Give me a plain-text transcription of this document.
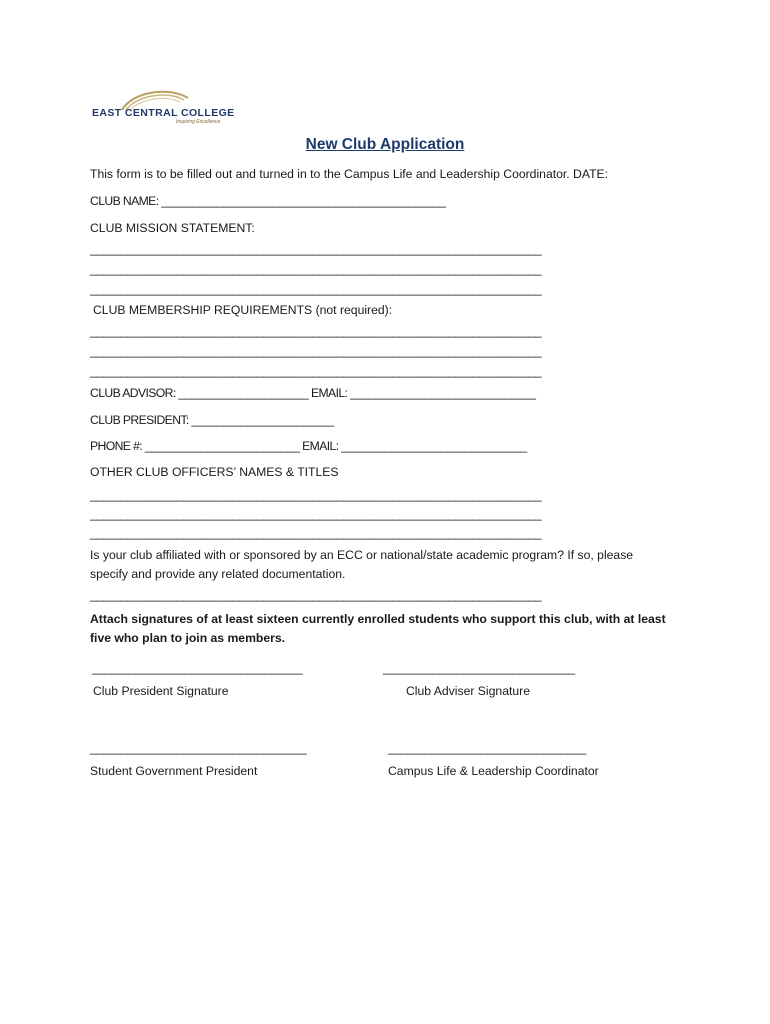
EAST CENTRAL COLLEGE
Inspiring Excellence
New Club Application
This form is to be filled out and turned in to the Campus Life and Leadership Coordinator. DATE:
CLUB NAME: ______________________________________________
CLUB MISSION STATEMENT:
_________________________________________________________________________
_________________________________________________________________________
_________________________________________________________________________
CLUB MEMBERSHIP REQUIREMENTS (not required):
_________________________________________________________________________
_________________________________________________________________________
_________________________________________________________________________
CLUB ADVISOR: _____________________ EMAIL: ______________________________
CLUB PRESIDENT: _______________________
PHONE #: _________________________ EMAIL: ______________________________
OTHER CLUB OFFICERS’ NAMES & TITLES
_________________________________________________________________________
_________________________________________________________________________
_________________________________________________________________________
Is your club affiliated with or sponsored by an ECC or national/state academic program? If so, please
specify and provide any related documentation.
_________________________________________________________________________
Attach signatures of at least sixteen currently enrolled students who support this club, with at least
five who plan to join as members.
__________________________________	_______________________________
Club President Signature	Club Adviser Signature
___________________________________	________________________________
Student Government President	Campus Life & Leadership Coordinator
